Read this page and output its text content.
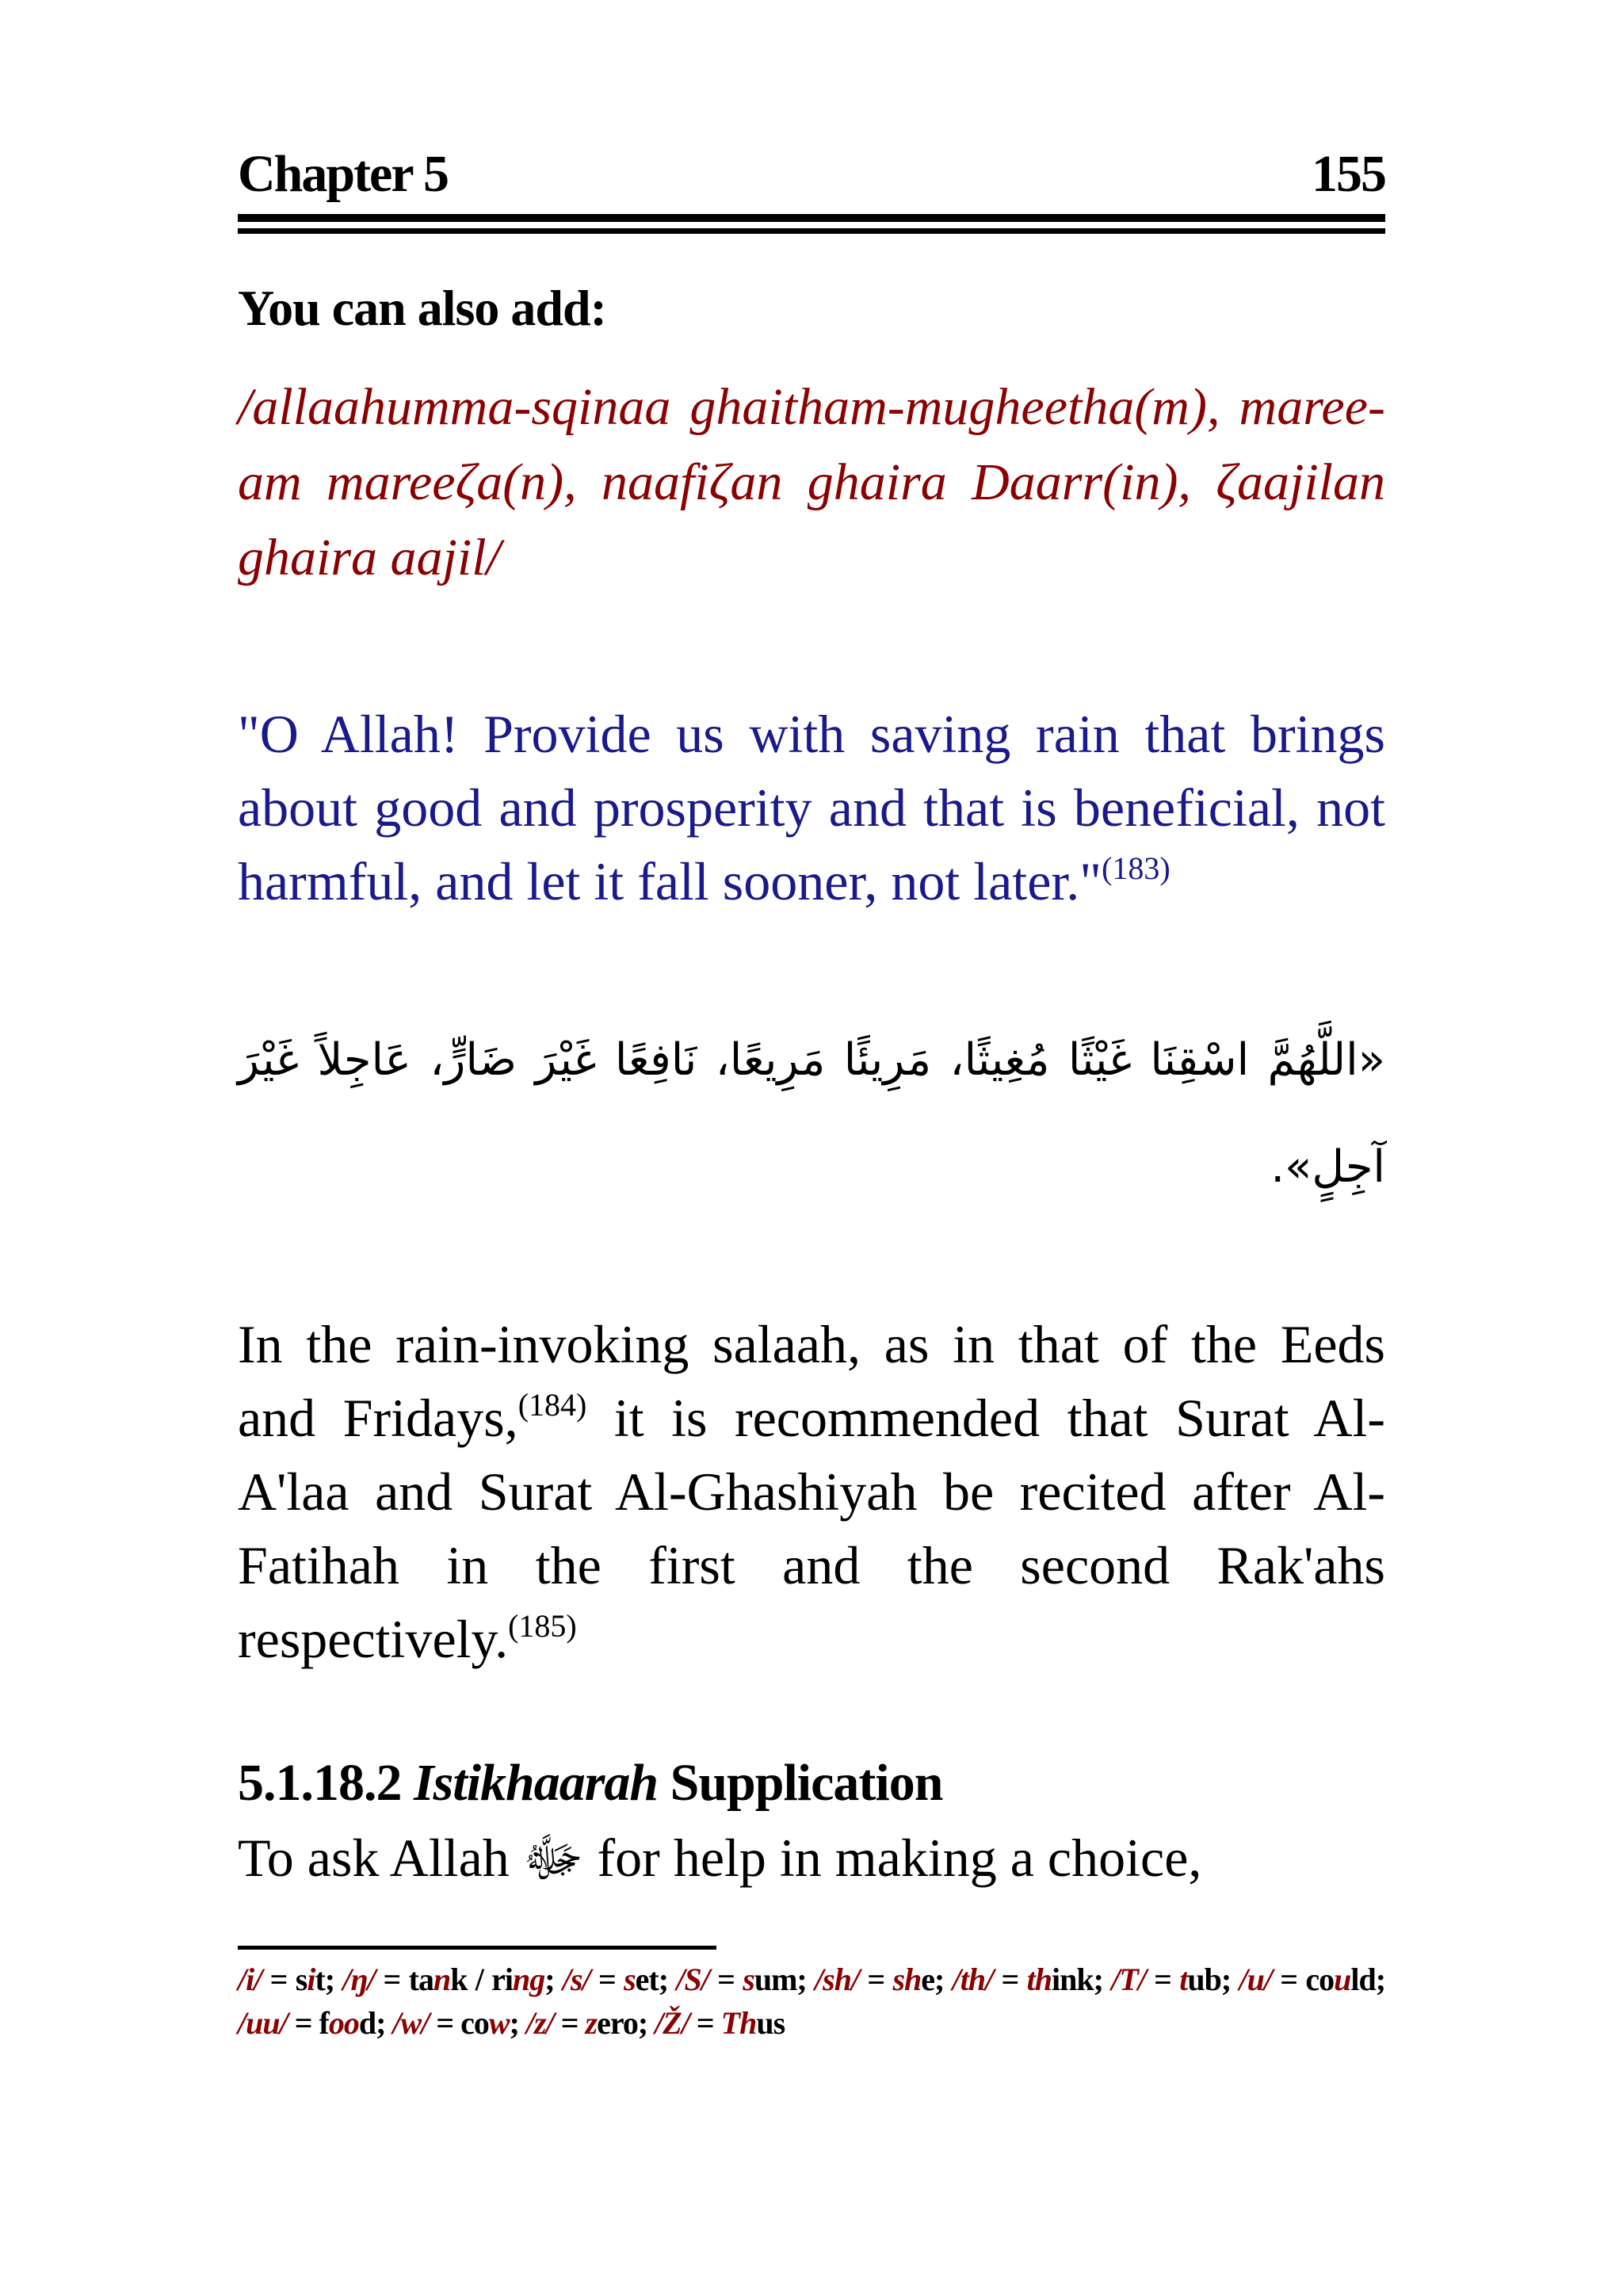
Chapter 5	155
You can also add:
/allaahumma-sqinaa ghaitham-mugheetha(m), maree-am mareeζa(n), naafiζan ghaira Daarr(in), ζaajilan ghaira aajil/
"O Allah! Provide us with saving rain that brings about good and prosperity and that is beneficial, not harmful, and let it fall sooner, not later."$^{(183)}$
«اللَّهُمَّ اسْقِنَا غَيْثًا مُغِيثًا، مَرِيئًا مَرِيعًا، نَافِعًا غَيْرَ ضَارٍّ، عَاجِلاً غَيْرَ آجِلٍ».
In the rain-invoking salaah, as in that of the Eeds and Fridays,$^{(184)}$ it is recommended that Surat Al-A'laa and Surat Al-Ghashiyah be recited after Al-Fatihah in the first and the second Rak'ahs respectively.$^{(185)}$
5.1.18.2 Istikhaarah Supplication
To ask Allah ﷻ for help in making a choice,
/i/ = sit; /ŋ/ = tank / ring; /s/ = set; /S/ = sum; /sh/ = she; /th/ = think; /T/ = tub; /u/ = could; /uu/ = food; /w/ = cow; /z/ = zero; /Ž/ = Thus
